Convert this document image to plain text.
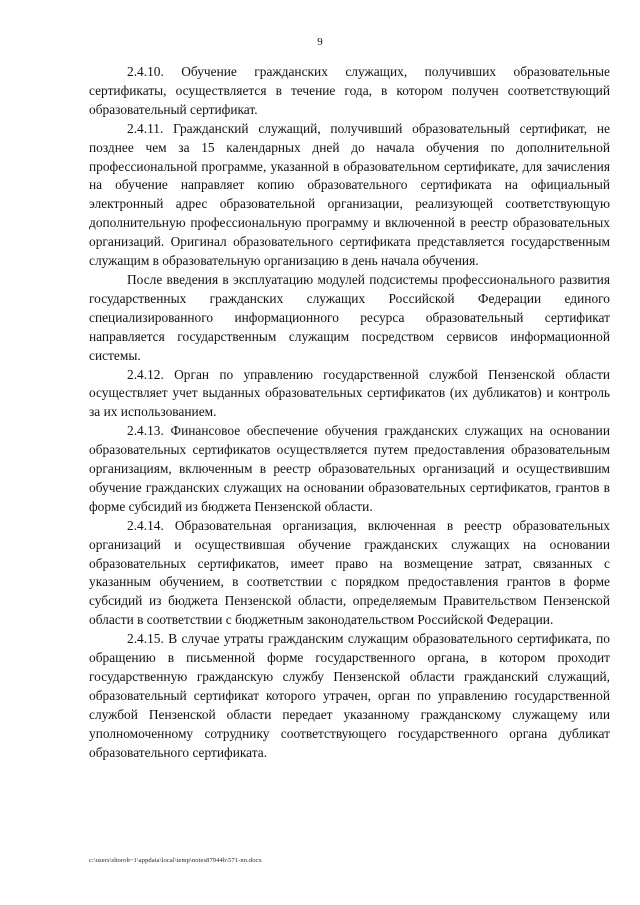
9

2.4.10. Обучение гражданских служащих, получивших образовательные сертификаты, осуществляется в течение года, в котором получен соответствующий образовательный сертификат.

2.4.11. Гражданский служащий, получивший образовательный сертификат, не позднее чем за 15 календарных дней до начала обучения по дополнительной профессиональной программе, указанной в образовательном сертификате, для зачисления на обучение направляет копию образовательного сертификата на официальный электронный адрес образовательной организации, реализующей соответствующую дополнительную профессиональную программу и включенной в реестр образовательных организаций. Оригинал образовательного сертификата представляется государственным служащим в образовательную организацию в день начала обучения.

После введения в эксплуатацию модулей подсистемы профессионального развития государственных гражданских служащих Российской Федерации единого специализированного информационного ресурса образовательный сертификат направляется государственным служащим посредством сервисов информационной системы.

2.4.12. Орган по управлению государственной службой Пензенской области осуществляет учет выданных образовательных сертификатов (их дубликатов) и контроль за их использованием.

2.4.13. Финансовое обеспечение обучения гражданских служащих на основании образовательных сертификатов осуществляется путем предоставления образовательным организациям, включенным в реестр образовательных организаций и осуществившим обучение гражданских служащих на основании образовательных сертификатов, грантов в форме субсидий из бюджета Пензенской области.

2.4.14. Образовательная организация, включенная в реестр образовательных организаций и осуществившая обучение гражданских служащих на основании образовательных сертификатов, имеет право на возмещение затрат, связанных с указанным обучением, в соответствии с порядком предоставления грантов в форме субсидий из бюджета Пензенской области, определяемым Правительством Пензенской области в соответствии с бюджетным законодательством Российской Федерации.

2.4.15. В случае утраты гражданским служащим образовательного сертификата, по обращению в письменной форме государственного органа, в котором проходит государственную гражданскую службу Пензенской области гражданский служащий, образовательный сертификат которого утрачен, орган по управлению государственной службой Пензенской области передает указанному гражданскому служащему или уполномоченному сотруднику соответствующего государственного органа дубликат образовательного сертификата.

c:\users\shoroh~1\appdata\local\temp\notes87944b\571-nn.docx
